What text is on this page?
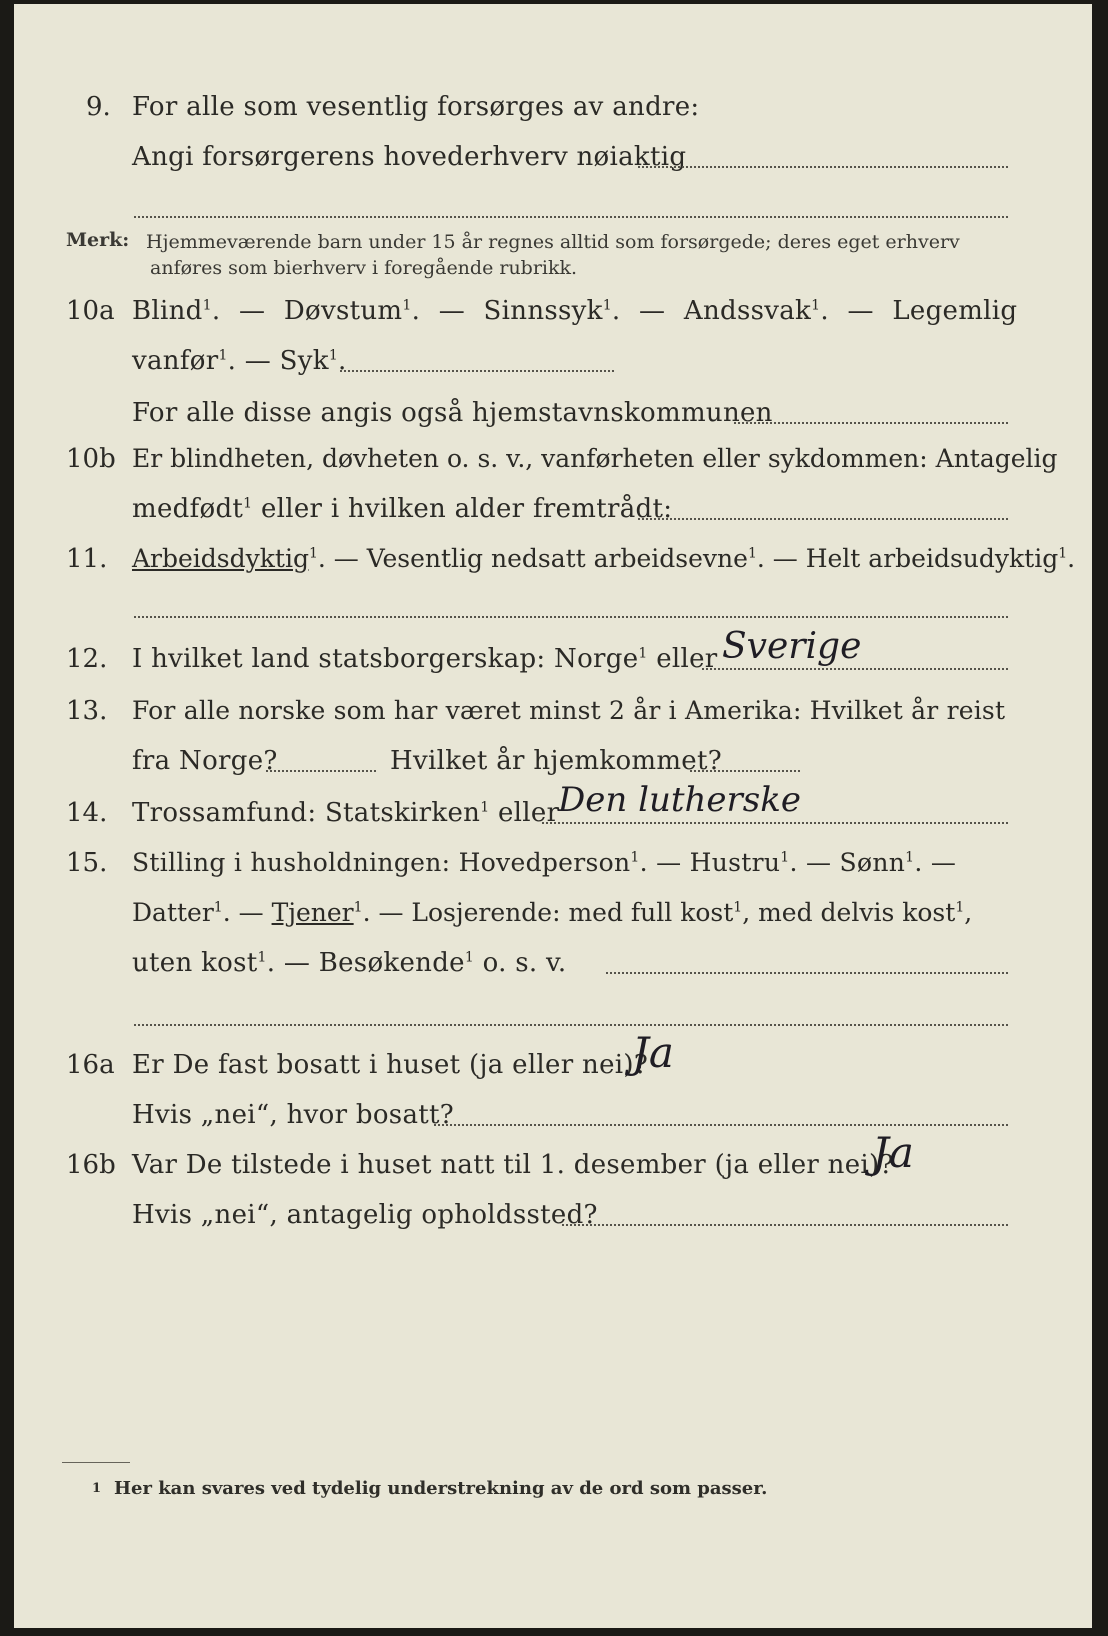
9. For alle som vesentlig forsørges av andre:
Angi forsørgerens hovederhverv nøiaktig
Merk: Hjemmeværende barn under 15 år regnes alltid som forsørgede; deres eget erhverv
anføres som bierhverv i foregående rubrikk.
10a Blind$^1$. — Døvstum$^1$. — Sinnssyk$^1$. — Andssvak$^1$. — Legemlig
vanfør$^1$. — Syk$^1$.
For alle disse angis også hjemstavnskommunen
10b Er blindheten, døvheten o. s. v., vanførheten eller sykdommen: Antagelig
medfødt$^1$ eller i hvilken alder fremtrådt:
11. Arbeidsdyktig$^1$. — Vesentlig nedsatt arbeidsevne$^1$. — Helt arbeidsudyktig$^1$.
12. I hvilket land statsborgerskap: Norge$^1$ eller Sverige
13. For alle norske som har været minst 2 år i Amerika: Hvilket år reist
fra Norge?	Hvilket år hjemkommet?
14. Trossamfund: Statskirken$^1$ eller
Den lutherske
15. Stilling i husholdningen: Hovedperson$^1$. — Hustru$^1$. — Sønn$^1$. —
Datter$^1$. — Tjener$^1$. — Losjerende: med full kost$^1$, med delvis kost$^1$,
uten kost$^1$. — Besøkende$^1$ o. s. v.
16a Er De fast bosatt i huset (ja eller nei)?
Ja
Hvis „nei“, hvor bosatt?
16b Var De tilstede i huset natt til 1. desember (ja eller nei)?
Ja
Hvis „nei“, antagelig opholdssted?
1 Her kan svares ved tydelig understrekning av de ord som passer.
